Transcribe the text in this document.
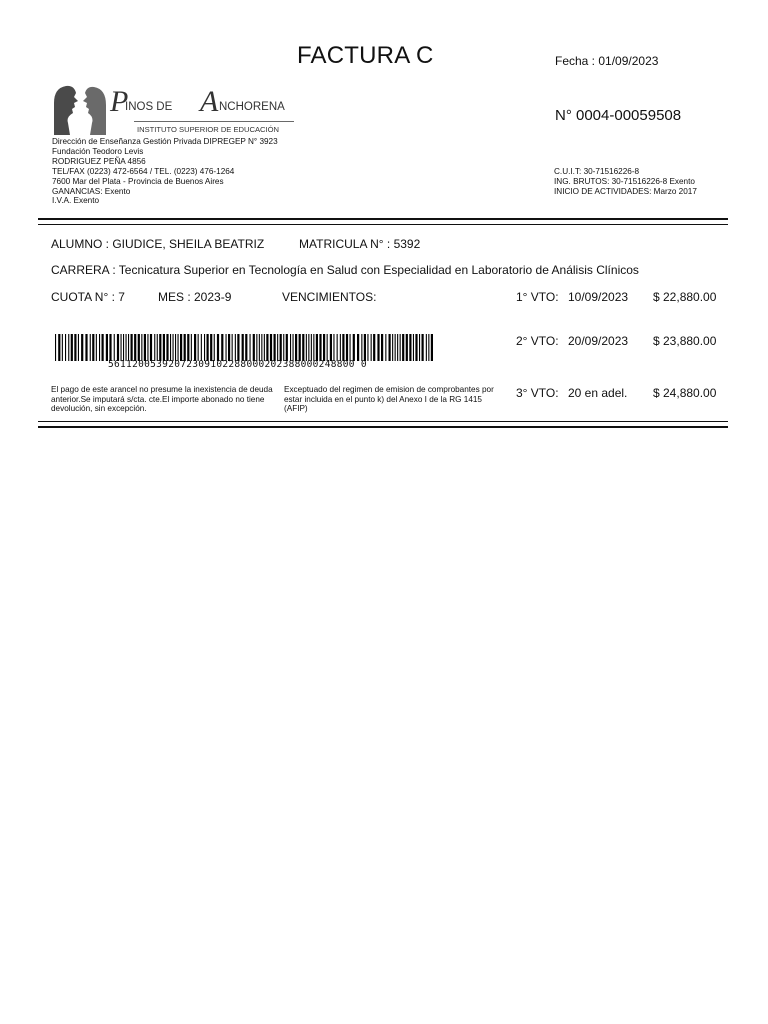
FACTURA C	Fecha : 01/09/2023
N° 0004-00059508
P A
INOS DE	NCHORENA
INSTITUTO SUPERIOR DE EDUCACIÓN
Dirección de Enseñanza Gestión Privada DIPREGEP N° 3923
Fundación Teodoro Levis
RODRIGUEZ PEÑA 4856
TEL/FAX (0223) 472-6564 / TEL. (0223) 476-1264
7600 Mar del Plata - Provincia de Buenos Aires
GANANCIAS: Exento
I.V.A. Exento
C.U.I.T: 30-71516226-8
ING. BRUTOS: 30-71516226-8 Exento
INICIO DE ACTIVIDADES: Marzo 2017
ALUMNO : GIUDICE, SHEILA BEATRIZ	MATRICULA N° : 5392
CARRERA : Tecnicatura Superior en Tecnología en Salud con Especialidad en Laboratorio de Análisis Clínicos
CUOTA N° : 7	MES : 2023-9	VENCIMIENTOS:	1° VTO: 10/09/2023 $ 22,880.00
2° VTO: 20/09/2023 $ 23,880.00
3° VTO: 20 en adel. $ 24,880.00
56112005392072309102288000202388000248800 0
El pago de este arancel no presume la inexistencia de deuda anterior.Se imputará s/cta. cte.El importe abonado no tiene devolución, sin excepción.
Exceptuado del regimen de emision de comprobantes por estar incluida en el punto k) del Anexo I de la RG 1415 (AFIP)
